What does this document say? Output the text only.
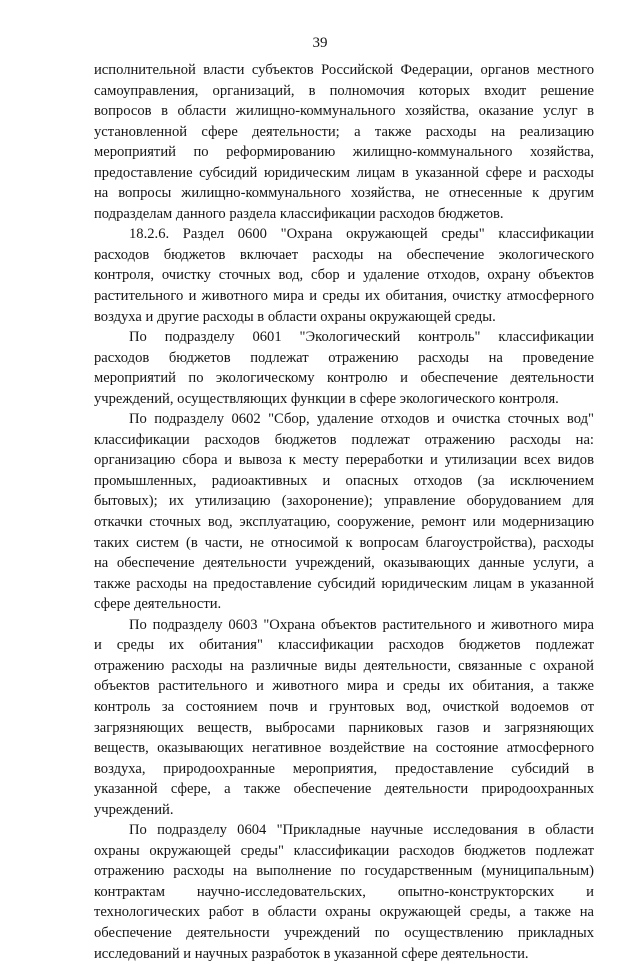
39
исполнительной власти субъектов Российской Федерации, органов местного
самоуправления, организаций, в полномочия которых входит решение
вопросов в области жилищно-коммунального хозяйства, оказание услуг в
установленной сфере деятельности; а также расходы на реализацию
мероприятий по реформированию жилищно-коммунального хозяйства,
предоставление субсидий юридическим лицам в указанной сфере и расходы
на вопросы жилищно-коммунального хозяйства, не отнесенные к другим
подразделам данного раздела классификации расходов бюджетов.
18.2.6. Раздел 0600 "Охрана окружающей среды" классификации
расходов бюджетов включает расходы на обеспечение экологического
контроля, очистку сточных вод, сбор и удаление отходов, охрану объектов
растительного и животного мира и среды их обитания, очистку атмосферного
воздуха и другие расходы в области охраны окружающей среды.
По подразделу 0601 "Экологический контроль" классификации
расходов бюджетов подлежат отражению расходы на проведение
мероприятий по экологическому контролю и обеспечение деятельности
учреждений, осуществляющих функции в сфере экологического контроля.
По подразделу 0602 "Сбор, удаление отходов и очистка сточных вод"
классификации расходов бюджетов подлежат отражению расходы на:
организацию сбора и вывоза к месту переработки и утилизации всех видов
промышленных, радиоактивных и опасных отходов (за исключением
бытовых); их утилизацию (захоронение); управление оборудованием для
откачки сточных вод, эксплуатацию, сооружение, ремонт или модернизацию
таких систем (в части, не относимой к вопросам благоустройства), расходы
на обеспечение деятельности учреждений, оказывающих данные услуги, а
также расходы на предоставление субсидий юридическим лицам в указанной
сфере деятельности.
По подразделу 0603 "Охрана объектов растительного и животного мира
и среды их обитания" классификации расходов бюджетов подлежат
отражению расходы на различные виды деятельности, связанные с охраной
объектов растительного и животного мира и среды их обитания, а также
контроль за состоянием почв и грунтовых вод, очисткой водоемов от
загрязняющих веществ, выбросами парниковых газов и загрязняющих
веществ, оказывающих негативное воздействие на состояние атмосферного
воздуха, природоохранные мероприятия, предоставление субсидий в
указанной сфере, а также обеспечение деятельности природоохранных
учреждений.
По подразделу 0604 "Прикладные научные исследования в области
охраны окружающей среды" классификации расходов бюджетов подлежат
отражению расходы на выполнение по государственным (муниципальным)
контрактам научно-исследовательских, опытно-конструкторских и
технологических работ в области охраны окружающей среды, а также на
обеспечение деятельности учреждений по осуществлению прикладных
исследований и научных разработок в указанной сфере деятельности.
